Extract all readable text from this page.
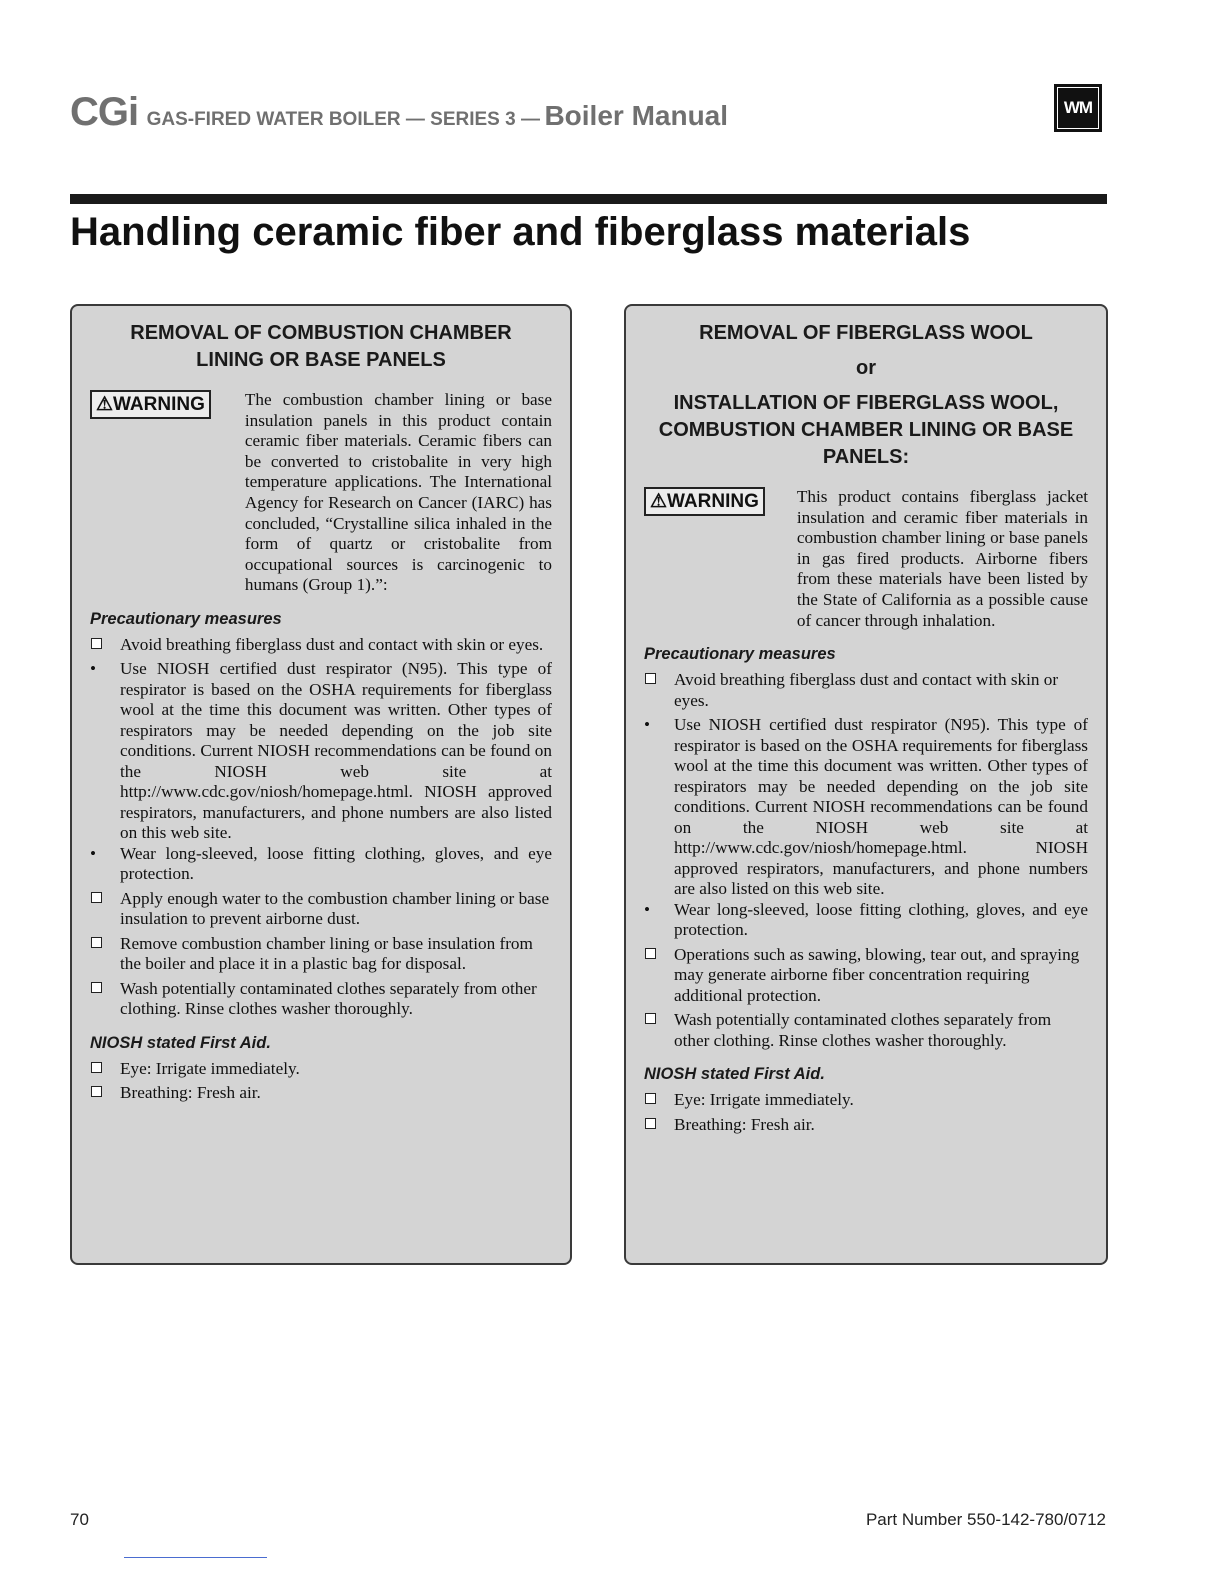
CGi GAS-FIRED WATER BOILER — SERIES 3 — Boiler Manual	WM
Handling ceramic fiber and fiberglass materials
REMOVAL OF COMBUSTION CHAMBER LINING OR BASE PANELS
⚠WARNING	The combustion chamber lining or base insulation panels in this product contain ceramic fiber materials. Ceramic fibers can be converted to cristobalite in very high temperature applications. The International Agency for Research on Cancer (IARC) has concluded, “Crystalline silica inhaled in the form of quartz or cristobalite from occupational sources is carcinogenic to humans (Group 1).”:
Precautionary measures
Avoid breathing fiberglass dust and contact with skin or eyes.
• Use NIOSH certified dust respirator (N95). This type of respirator is based on the OSHA requirements for fiberglass wool at the time this document was written. Other types of respirators may be needed depending on the job site conditions. Current NIOSH recommendations can be found on the NIOSH web site at http://www.cdc.gov/niosh/homepage.html. NIOSH approved respirators, manufacturers, and phone numbers are also listed on this web site.
• Wear long-sleeved, loose fitting clothing, gloves, and eye protection.
Apply enough water to the combustion chamber lining or base insulation to prevent airborne dust.
Remove combustion chamber lining or base insulation from the boiler and place it in a plastic bag for disposal.
Wash potentially contaminated clothes separately from other clothing. Rinse clothes washer thoroughly.
NIOSH stated First Aid.
Eye: Irrigate immediately.
Breathing: Fresh air.
REMOVAL OF FIBERGLASS WOOL
or
INSTALLATION OF FIBERGLASS WOOL, COMBUSTION CHAMBER LINING OR BASE PANELS:
⚠WARNING	This product contains fiberglass jacket insulation and ceramic fiber materials in combustion chamber lining or base panels in gas fired products. Airborne fibers from these materials have been listed by the State of California as a possible cause of cancer through inhalation.
Precautionary measures
Avoid breathing fiberglass dust and contact with skin or eyes.
• Use NIOSH certified dust respirator (N95). This type of respirator is based on the OSHA requirements for fiberglass wool at the time this document was written. Other types of respirators may be needed depending on the job site conditions. Current NIOSH recommendations can be found on the NIOSH web site at http://www.cdc.gov/niosh/homepage.html. NIOSH approved respirators, manufacturers, and phone numbers are also listed on this web site.
• Wear long-sleeved, loose fitting clothing, gloves, and eye protection.
Operations such as sawing, blowing, tear out, and spraying may generate airborne fiber concentration requiring additional protection.
Wash potentially contaminated clothes separately from other clothing. Rinse clothes washer thoroughly.
NIOSH stated First Aid.
Eye: Irrigate immediately.
Breathing: Fresh air.
70	Part Number 550-142-780/0712
